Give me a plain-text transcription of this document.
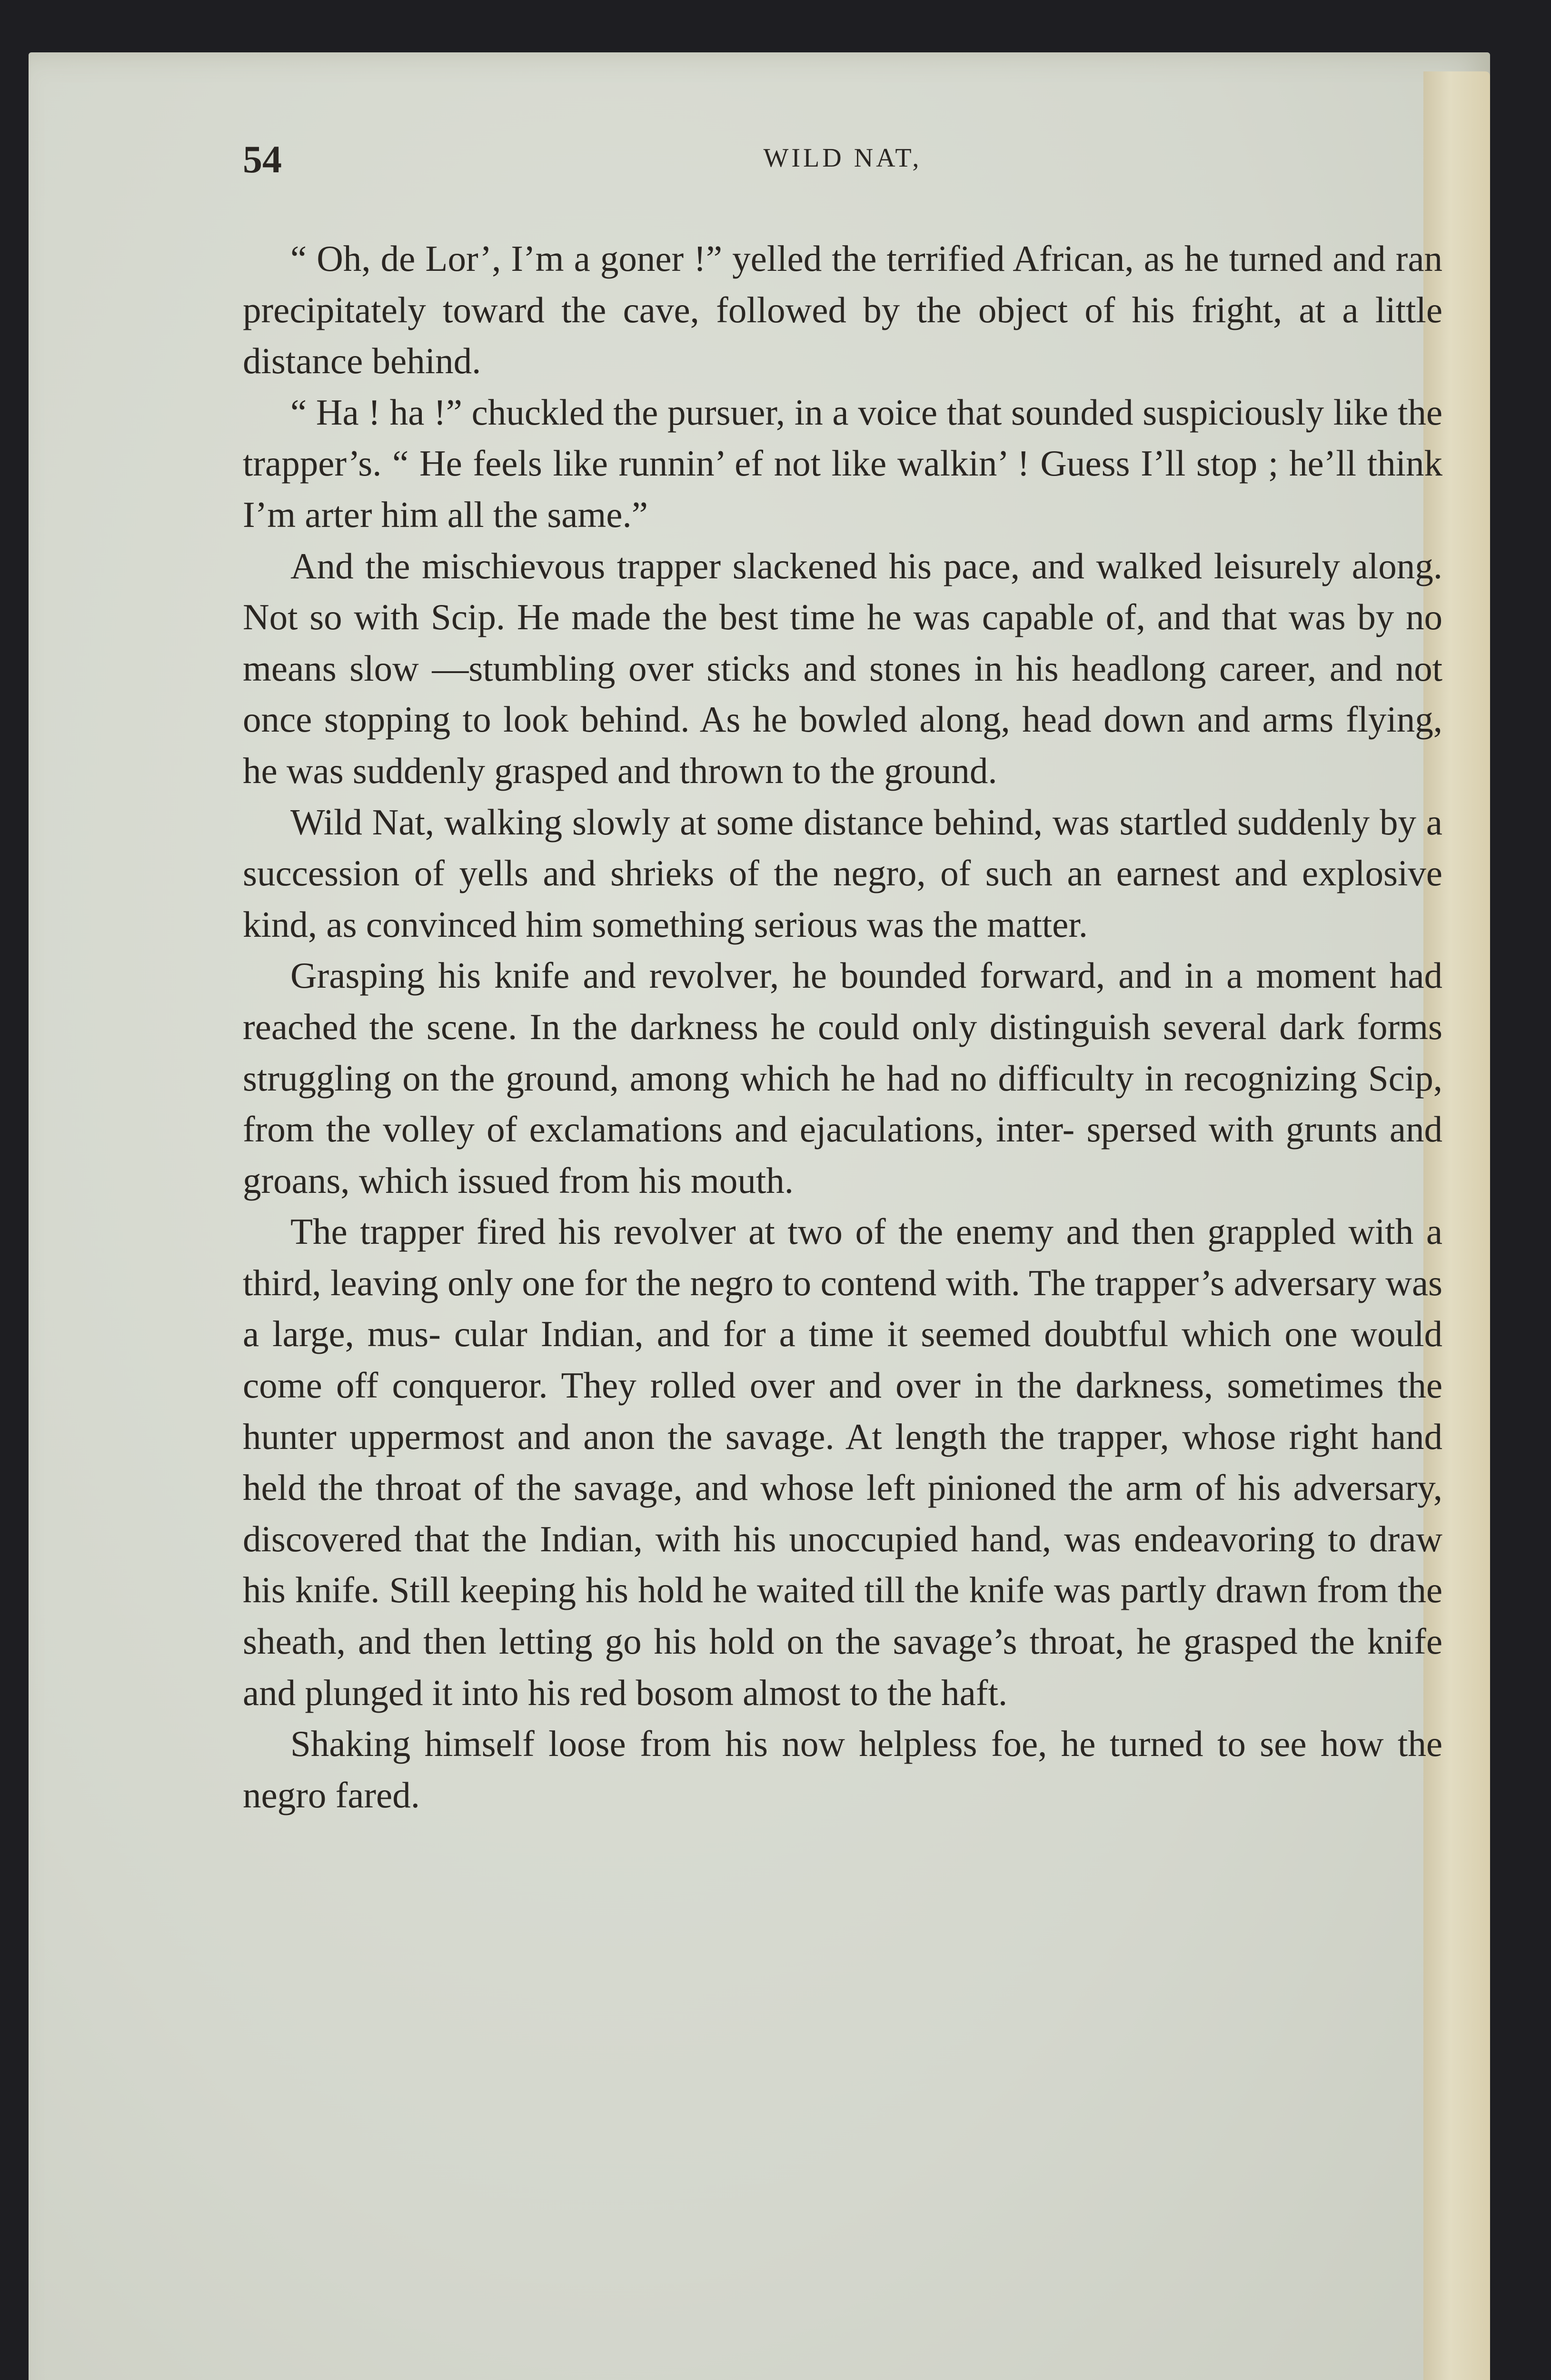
54	WILD NAT,

“ Oh, de Lor’, I’m a goner !” yelled the terrified African, as he turned and ran precipitately toward the cave, followed by the object of his fright, at a little distance behind.

“ Ha ! ha !” chuckled the pursuer, in a voice that sounded suspiciously like the trapper’s. “ He feels like runnin’ ef not like walkin’ ! Guess I’ll stop ; he’ll think I’m arter him all the same.”

And the mischievous trapper slackened his pace, and walked leisurely along. Not so with Scip. He made the best time he was capable of, and that was by no means slow —stumbling over sticks and stones in his headlong career, and not once stopping to look behind. As he bowled along, head down and arms flying, he was suddenly grasped and thrown to the ground.

Wild Nat, walking slowly at some distance behind, was startled suddenly by a succession of yells and shrieks of the negro, of such an earnest and explosive kind, as convinced him something serious was the matter.

Grasping his knife and revolver, he bounded forward, and in a moment had reached the scene. In the darkness he could only distinguish several dark forms struggling on the ground, among which he had no difficulty in recognizing Scip, from the volley of exclamations and ejaculations, inter- spersed with grunts and groans, which issued from his mouth.

The trapper fired his revolver at two of the enemy and then grappled with a third, leaving only one for the negro to contend with. The trapper’s adversary was a large, mus- cular Indian, and for a time it seemed doubtful which one would come off conqueror. They rolled over and over in the darkness, sometimes the hunter uppermost and anon the savage. At length the trapper, whose right hand held the throat of the savage, and whose left pinioned the arm of his adversary, discovered that the Indian, with his unoccupied hand, was endeavoring to draw his knife. Still keeping his hold he waited till the knife was partly drawn from the sheath, and then letting go his hold on the savage’s throat, he grasped the knife and plunged it into his red bosom almost to the haft.

Shaking himself loose from his now helpless foe, he turned to see how the negro fared.
